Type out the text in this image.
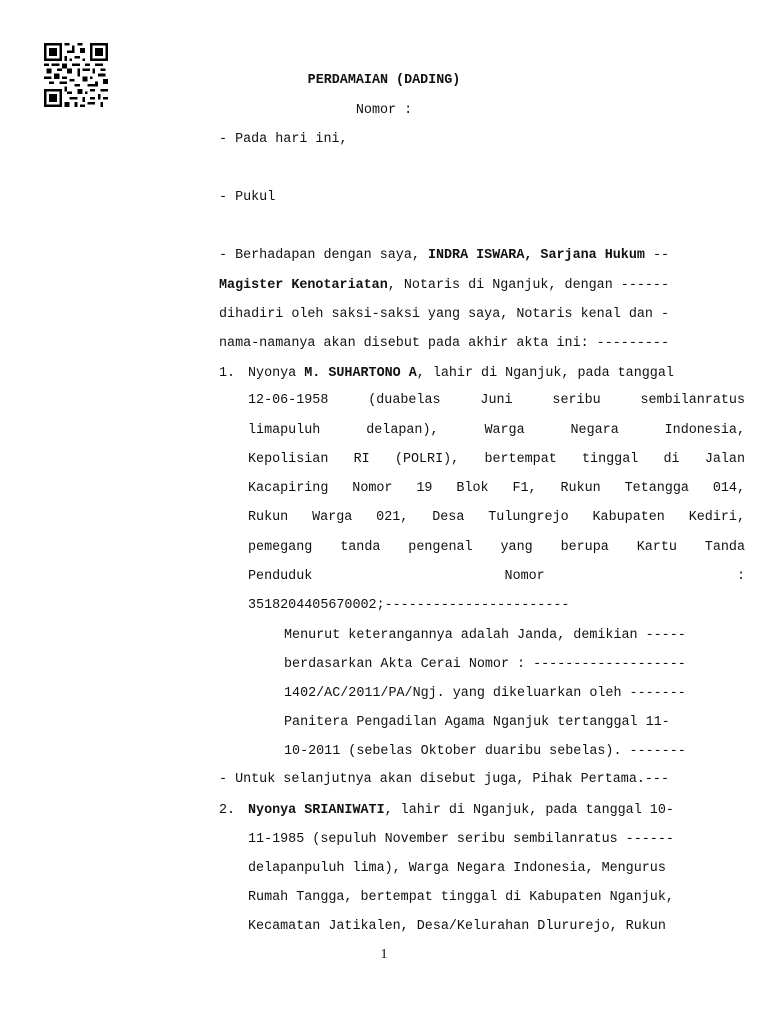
PERDAMAIAN (DADING)
Nomor :
- Pada hari ini,
- Pukul
- Berhadapan dengan saya, INDRA ISWARA, Sarjana Hukum --
Magister Kenotariatan, Notaris di Nganjuk, dengan ------
dihadiri oleh saksi-saksi yang saya, Notaris kenal dan -
nama-namanya akan disebut pada akhir akta ini: ---------
1. Nyonya M. SUHARTONO A, lahir di Nganjuk, pada tanggal
12-06-1958 (duabelas Juni seribu sembilanratus
limapuluh delapan), Warga Negara Indonesia,
Kepolisian RI (POLRI), bertempat tinggal di Jalan
Kacapiring Nomor 19 Blok F1, Rukun Tetangga 014,
Rukun Warga 021, Desa Tulungrejo Kabupaten Kediri,
pemegang tanda pengenal yang berupa Kartu Tanda
Penduduk Nomor :
3518204405670002;-----------------------
Menurut keterangannya adalah Janda, demikian -----
berdasarkan Akta Cerai Nomor : -------------------
1402/AC/2011/PA/Ngj. yang dikeluarkan oleh -------
Panitera Pengadilan Agama Nganjuk tertanggal 11-
10-2011 (sebelas Oktober duaribu sebelas). -------
- Untuk selanjutnya akan disebut juga, Pihak Pertama.---
2. Nyonya SRIANIWATI, lahir di Nganjuk, pada tanggal 10-
11-1985 (sepuluh November seribu sembilanratus ------
delapanpuluh lima), Warga Negara Indonesia, Mengurus
Rumah Tangga, bertempat tinggal di Kabupaten Nganjuk,
Kecamatan Jatikalen, Desa/Kelurahan Dlururejo, Rukun
1
